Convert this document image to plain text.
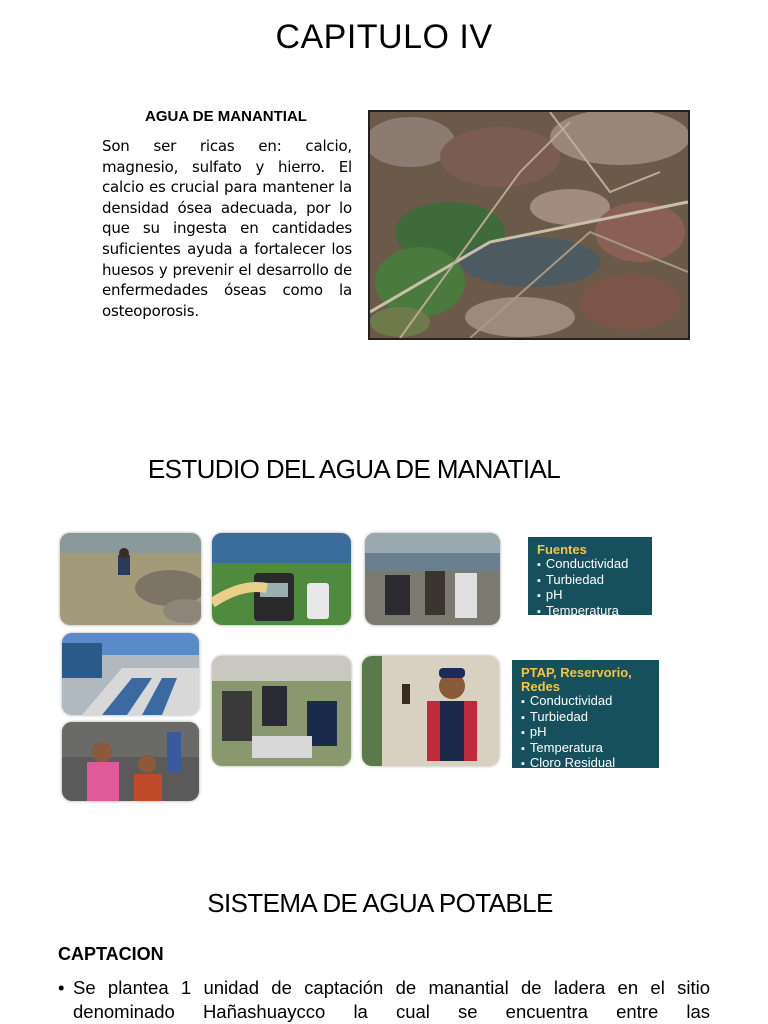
CAPITULO IV
AGUA DE MANANTIAL
Son ser ricas en: calcio, magnesio, sulfato y hierro. El calcio es crucial para mantener la densidad ósea adecuada, por lo que su ingesta en cantidades suficientes ayuda a fortalecer los huesos y prevenir el desarrollo de enfermedades óseas como la osteoporosis.
ESTUDIO DEL AGUA DE MANATIAL
Fuentes
▪ Conductividad
▪ Turbiedad
▪ pH
▪ Temperatura
PTAP, Reservorio, Redes
▪ Conductividad
▪ Turbiedad
▪ pH
▪ Temperatura
▪ Cloro Residual
SISTEMA DE AGUA POTABLE
CAPTACION
• Se plantea 1 unidad de captación de manantial de ladera en el sitio denominado Hañashuaycco la cual se encuentra entre las
